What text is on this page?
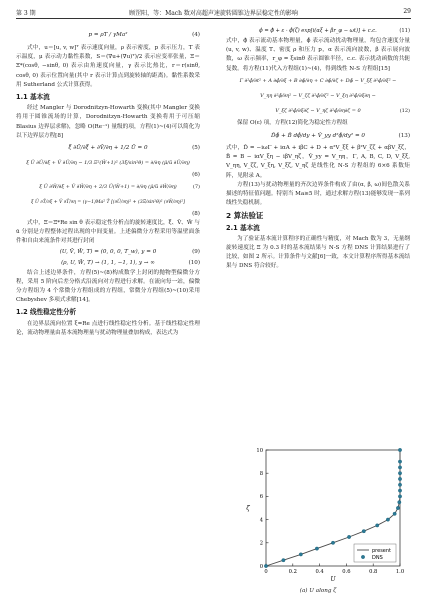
第 3 期	顾罡阳，等：Mach 数对高超声速旋转圆锥边界层稳定性的影响	29
p = ρT / γMa²	(4)

式中，u＝[u, v, w]ᵀ 表示速度向量，ρ 表示密度，p 表示压力，T 表示温度，μ 表示动力黏性系数，S＝(∇u+(∇u)ᵀ)/2 表示应变率张量，Ξ＝Ξ*(cosθ, −sinθ, 0) 表示由角速度向量，γ 表示比热比，r＝r(sinθ, cosθ, 0) 表示位置向量(其中 r 表示计算点到旋转轴的距离)。黏性系数采用 Sutherland 公式计算获得。

1.1 基本流

经过 Mangler 与 Dorodnitzyn-Howarth 变换(其中 Mangler 变换将用于圆锥流场的计算，Dorodnitzyn-Howarth 变换将用于可压缩 Blasius 边界层求解)，忽略 O(Re⁻¹) 量级的项，方程(1)~(4)可以简化为以下边界层方程[8]

ξ̄ ∂Ū/∂ξ̄ + ∂V̄/∂η + 1/2 Ū = 0	(5)
ξ̄ Ū ∂Ū/∂ξ̄ + V̄ ∂Ū/∂η − 1/3 Ξ²(W̄+1)² (3ξ̄/sin²θ) = ∂/∂η (μ̄/ū ∂Ū/∂η)
(6)
ξ̄ Ū ∂W̄/∂ξ̄ + V̄ ∂W̄/∂η + 2/3 Ū(W̄+1) = ∂/∂η (μ̄/ū ∂W̄/∂η)	(7)
ξ̄ Ū ∂T̄/∂ξ̄ + V̄ ∂T̄/∂η = (γ−1)Ma² T̄ [(∂Ū/∂η)² + (3Ξ̄/sin²θ)² (∂W̄/∂η)²]
(8)

式中，Ξ＝Ξ*Re sin θ 表示稳定性分析点的旋转速度比，ξ̄、V̄、W̄ 与 ū 分别是方程整体过程出现的中间变量。上述偏微分方程采用等温壁面条件和自由来流条件对其进行封闭

(U, V̄, W̄, T) = (0, 0, 0, T_w), y = 0	(9)
(ρ, U, W̄, T) → (1, 1, −1, 1), y → ∞	(10)

结合上述边界条件，方程(5)~(8)构成数学上封闭的抛物型偏微分方程，采用 5 阶向后差分格式沿流向对方程进行求解。在流向每一站，偏微分方程组为 4 个常微分方程组成的方程组，常微分方程组(5)~(10)采用 Chebyshev 多项式求解[14]。

1.2 线性稳定性分析

在边界层流向位置 ξ=Re 点进行线性稳定性分析。基于线性稳定性理论，流动物理量由基本流物理量与扰动物理量叠加构成，表达式为

ϕ = ϕ̄ + ε · ϕ̂(ζ) exp[i(αξ + βr_φ − ωt)] + c.c.	(11)

式中，ϕ̄ 表示流动基本物理量，ϕ̂ 表示流动扰动物理量，均包含速度分量(u, v, w)、温度 T、密度 ρ 和压力 p，α 表示流向波数，β 表示展向波数，ω 表示频率，r_φ = ξsinθ 表示圆锥半径，c.c. 表示扰动函数的共轭复数。将方程(11)代入方程组(1)~(4)，得到线性 N-S 方程组[15]

Γ ∂²ϕ̂/∂t² + A ∂ϕ̂/∂ξ + B ∂ϕ̂/∂η + C ∂ϕ̂/∂ζ + Dϕ̂ − V_ξξ ∂²ϕ̂/∂ξ² −
V_ηη ∂²ϕ̂/∂η² − V_ζζ ∂²ϕ̂/∂ζ² − V_ξη ∂²ϕ̂/∂ξ∂η −
V_ξζ ∂²ϕ̂/∂ξ∂ζ − V_ηζ ∂²ϕ̂/∂η∂ζ = 0	(12)

保留 O(ε) 项，方程(12)简化为稳定性方程组

D̂ϕ̂ + B̂ dϕ̂/dy + V̂_yy d²ϕ̂/dy² = 0	(13)

式中，D̂ = −iωΓ + iαA + iβC + D + α²V_ξξ + β²V_ζζ + αβV_ξζ，B̂ = B − iαV_ξη − iβV_ηζ，V̂_yy = V_ηη，Γ, A, B, C, D, V_ξξ, V_ηη, V_ζζ, V_ξη, V_ξζ, V_ηζ 是线性化 N-S 方程组的 6×6 系数矩阵，见附录 A。

方程(13)与扰动物理量的齐次边界条件构成了由(α, β, ω)间色散关系描述的特征值问题。特别当 Ma≥5 时，通过求解方程(13)能够发现一系列线性失稳机制。

2 算法验证
2.1 基本流

为了验证基本流计算程序的正确性与精度，对 Mach 数为 3，无量纲旋转速度比 Ξ 为 0.3 时的基本流结果与 N-S 方程 DNS 计算结果进行了比较，如图 2 所示。计算条件与文献[6]一致，本文计算程序所得基本流结果与 DNS 符合较好。

0	0.2	0.4	0.6	0.8	1.0
0
2
4
6
8
10
U
ζ
present
DNS
(a) U along ζ
